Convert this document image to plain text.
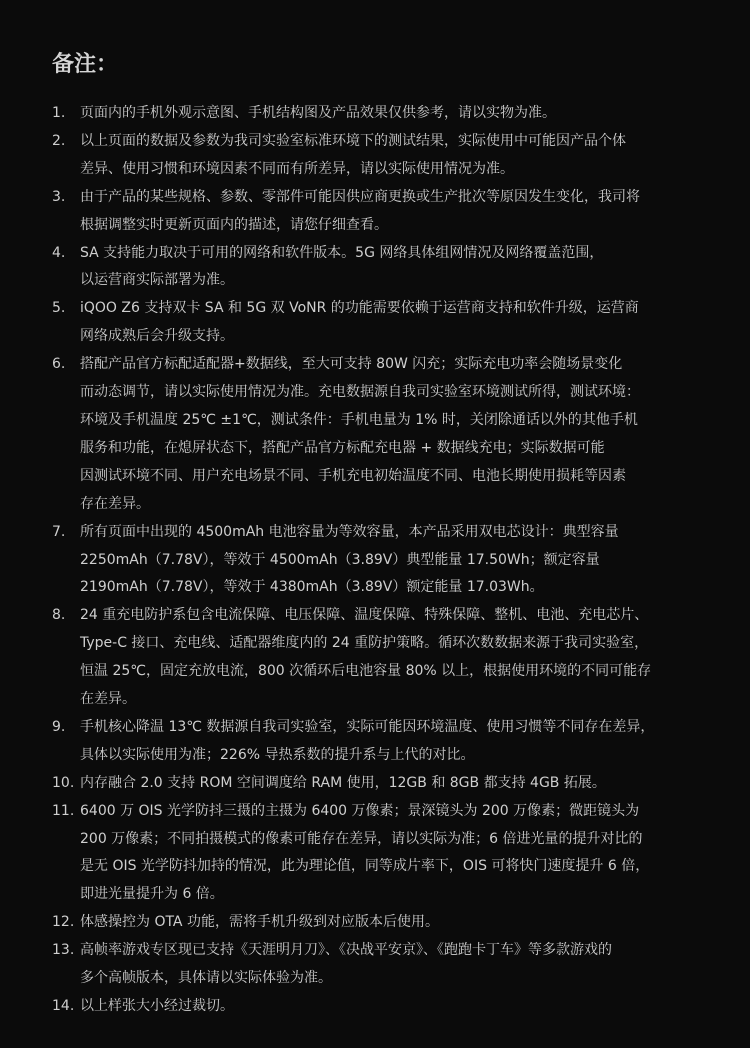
备注：
1.	页面内的手机外观示意图、手机结构图及产品效果仅供参考，请以实物为准。
2.	以上页面的数据及参数为我司实验室标准环境下的测试结果，实际使用中可能因产品个体
差异、使用习惯和环境因素不同而有所差异，请以实际使用情况为准。
3.	由于产品的某些规格、参数、零部件可能因供应商更换或生产批次等原因发生变化，我司将
根据调整实时更新页面内的描述，请您仔细查看。
4.	SA 支持能力取决于可用的网络和软件版本。5G 网络具体组网情况及网络覆盖范围，
以运营商实际部署为准。
5.	iQOO Z6 支持双卡 SA 和 5G 双 VoNR 的功能需要依赖于运营商支持和软件升级，运营商
网络成熟后会升级支持。
6.	搭配产品官方标配适配器+数据线，至大可支持 80W 闪充；实际充电功率会随场景变化
而动态调节，请以实际使用情况为准。充电数据源自我司实验室环境测试所得，测试环境：
环境及手机温度 25℃ ±1℃，测试条件：手机电量为 1% 时，关闭除通话以外的其他手机
服务和功能，在熄屏状态下，搭配产品官方标配充电器 + 数据线充电；实际数据可能
因测试环境不同、用户充电场景不同、手机充电初始温度不同、电池长期使用损耗等因素
存在差异。
7.	所有页面中出现的 4500mAh 电池容量为等效容量，本产品采用双电芯设计：典型容量
2250mAh（7.78V），等效于 4500mAh（3.89V）典型能量 17.50Wh；额定容量
2190mAh（7.78V），等效于 4380mAh（3.89V）额定能量 17.03Wh。
8.	24 重充电防护系包含电流保障、电压保障、温度保障、特殊保障、整机、电池、充电芯片、
Type-C 接口、充电线、适配器维度内的 24 重防护策略。循环次数数据来源于我司实验室，
恒温 25℃，固定充放电流，800 次循环后电池容量 80% 以上，根据使用环境的不同可能存
在差异。
9.	手机核心降温 13℃ 数据源自我司实验室，实际可能因环境温度、使用习惯等不同存在差异，
具体以实际使用为准；226% 导热系数的提升系与上代的对比。
10. 内存融合 2.0 支持 ROM 空间调度给 RAM 使用，12GB 和 8GB 都支持 4GB 拓展。
11. 6400 万 OIS 光学防抖三摄的主摄为 6400 万像素；景深镜头为 200 万像素；微距镜头为
200 万像素；不同拍摄模式的像素可能存在差异，请以实际为准；6 倍进光量的提升对比的
是无 OIS 光学防抖加持的情况，此为理论值，同等成片率下，OIS 可将快门速度提升 6 倍，
即进光量提升为 6 倍。
12. 体感操控为 OTA 功能，需将手机升级到对应版本后使用。
13. 高帧率游戏专区现已支持《天涯明月刀》、《决战平安京》、《跑跑卡丁车》等多款游戏的
多个高帧版本，具体请以实际体验为准。
14. 以上样张大小经过裁切。
